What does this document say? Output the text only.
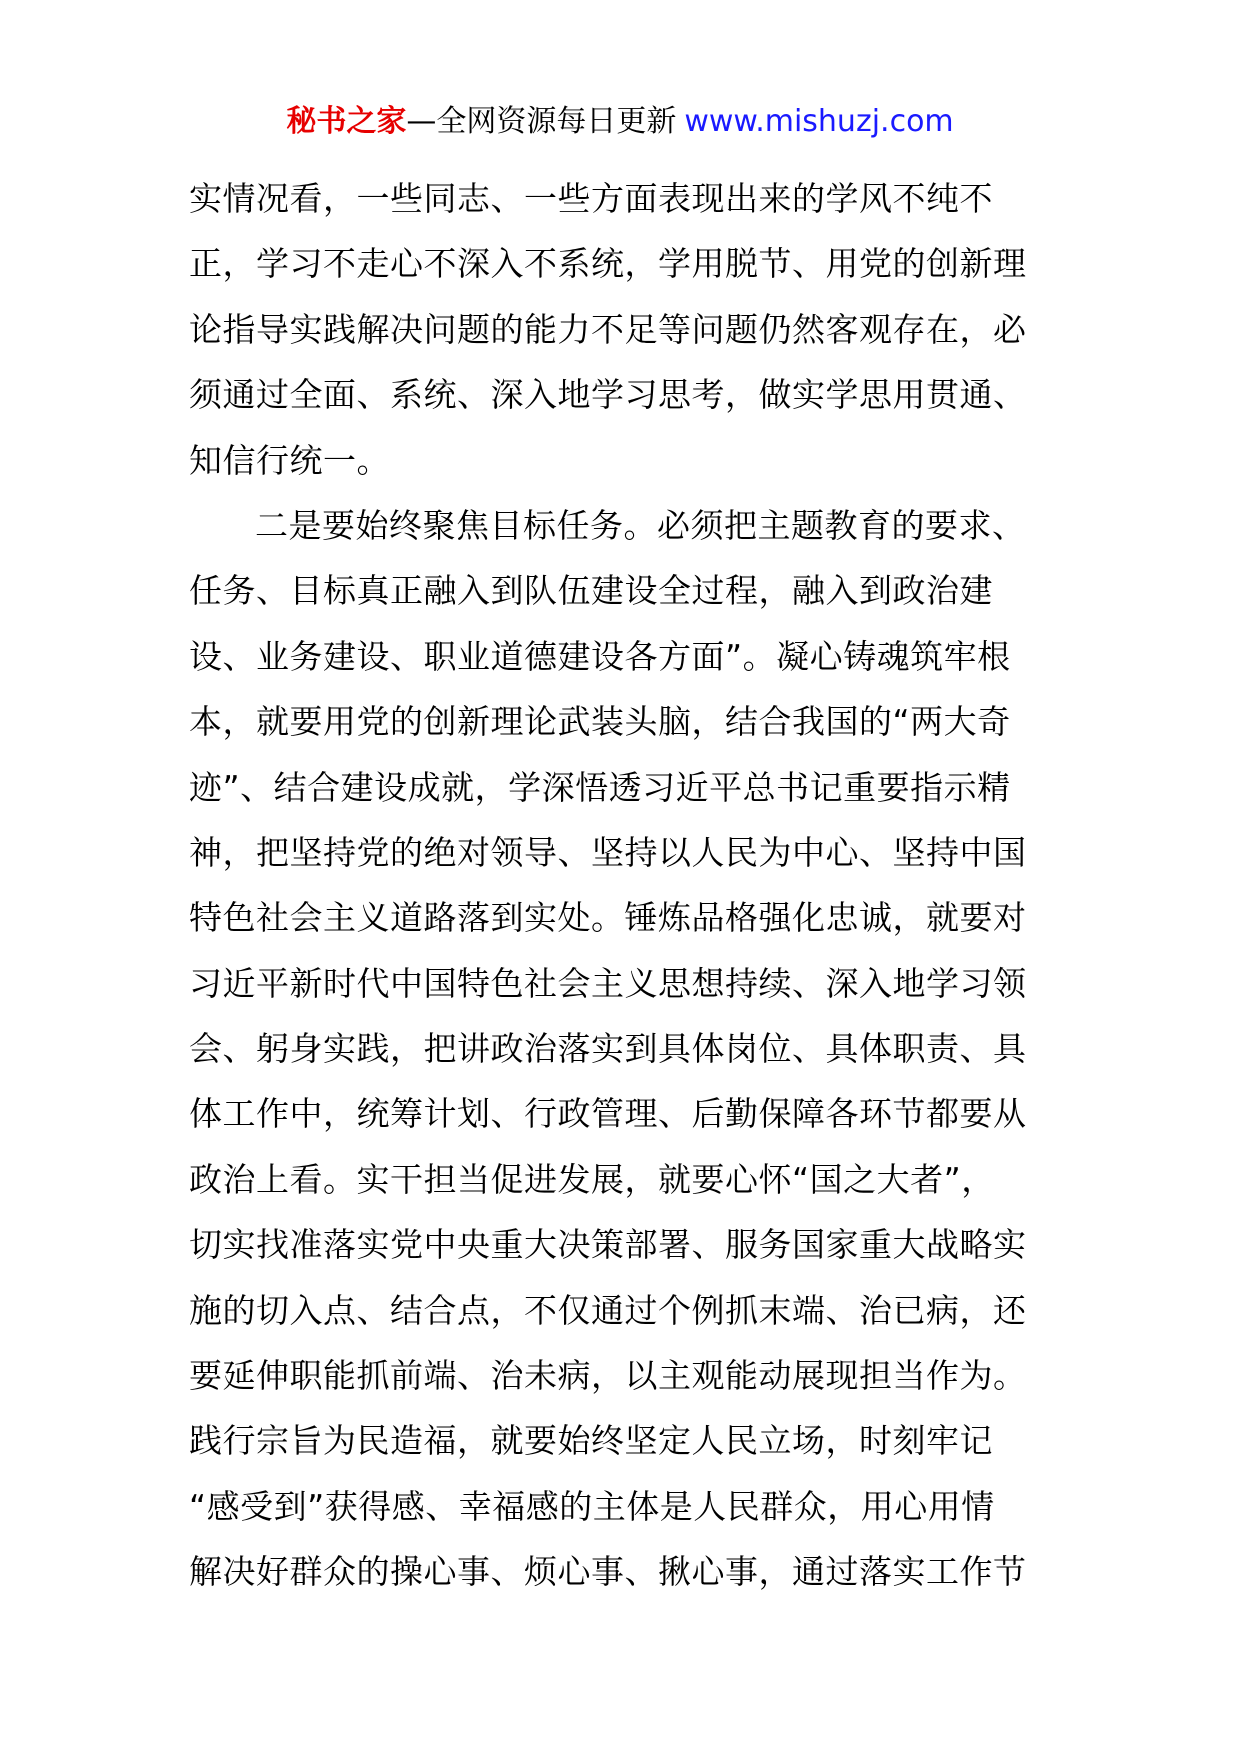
秘书之家—全网资源每日更新 www.mishuzj.com
实情况看，一些同志、一些方面表现出来的学风不纯不
正，学习不走心不深入不系统，学用脱节、用党的创新理
论指导实践解决问题的能力不足等问题仍然客观存在，必
须通过全面、系统、深入地学习思考，做实学思用贯通、
知信行统一。
二是要始终聚焦目标任务。必须把主题教育的要求、
任务、目标真正融入到队伍建设全过程，融入到政治建
设、业务建设、职业道德建设各方面”。凝心铸魂筑牢根
本，就要用党的创新理论武装头脑，结合我国的“两大奇
迹”、结合建设成就，学深悟透习近平总书记重要指示精
神，把坚持党的绝对领导、坚持以人民为中心、坚持中国
特色社会主义道路落到实处。锤炼品格强化忠诚，就要对
习近平新时代中国特色社会主义思想持续、深入地学习领
会、躬身实践，把讲政治落实到具体岗位、具体职责、具
体工作中，统筹计划、行政管理、后勤保障各环节都要从
政治上看。实干担当促进发展，就要心怀“国之大者”，
切实找准落实党中央重大决策部署、服务国家重大战略实
施的切入点、结合点，不仅通过个例抓末端、治已病，还
要延伸职能抓前端、治未病，以主观能动展现担当作为。
践行宗旨为民造福，就要始终坚定人民立场，时刻牢记
“感受到”获得感、幸福感的主体是人民群众，用心用情
解决好群众的操心事、烦心事、揪心事，通过落实工作节
